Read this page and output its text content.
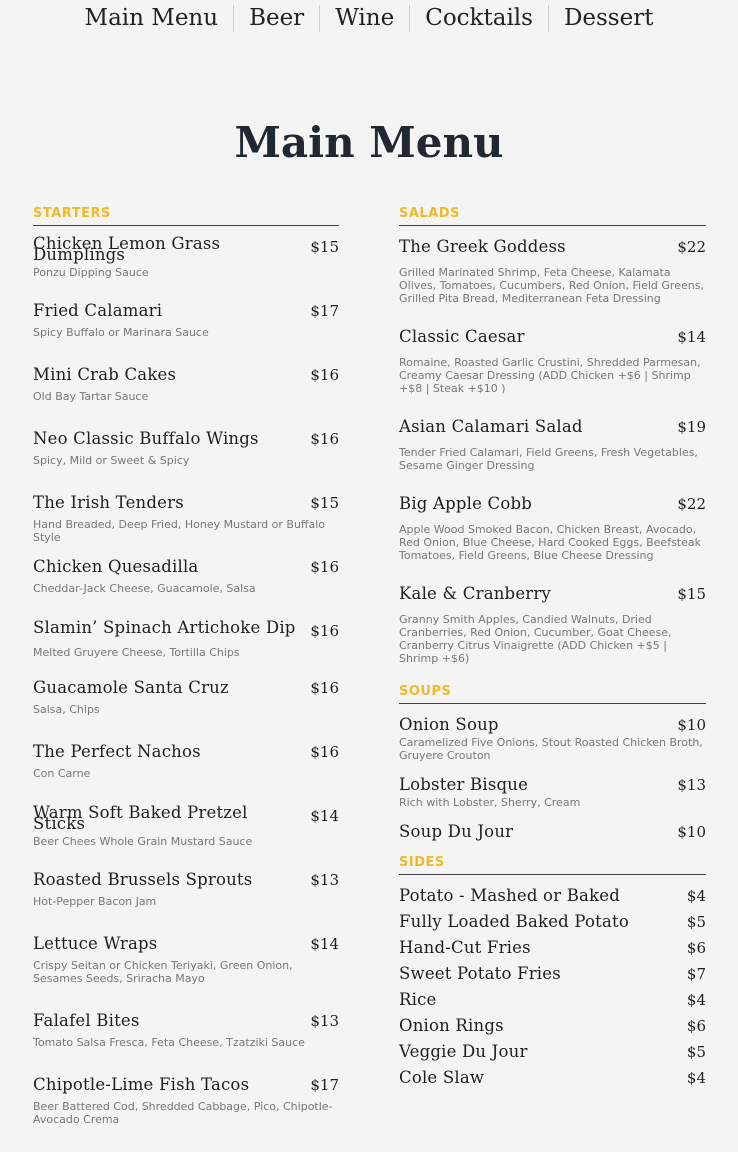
Main Menu	Beer	Wine	Cocktails	Dessert
Main Menu
STARTERS
Chicken Lemon Grass Dumplings	$15
Ponzu Dipping Sauce
Fried Calamari	$17
Spicy Buffalo or Marinara Sauce
Mini Crab Cakes	$16
Old Bay Tartar Sauce
Neo Classic Buffalo Wings	$16
Spicy, Mild or Sweet & Spicy
The Irish Tenders	$15
Hand Breaded, Deep Fried, Honey Mustard or Buffalo Style
Chicken Quesadilla	$16
Cheddar-Jack Cheese, Guacamole, Salsa
Slamin’ Spinach Artichoke Dip $16
Melted Gruyere Cheese, Tortilla Chips
Guacamole Santa Cruz	$16
Salsa, Chips
The Perfect Nachos	$16
Con Carne
Warm Soft Baked Pretzel Sticks	$14
Beer Chees Whole Grain Mustard Sauce
Roasted Brussels Sprouts	$13
Hot-Pepper Bacon Jam
Lettuce Wraps	$14
Crispy Seitan or Chicken Teriyaki, Green Onion, Sesames Seeds, Sriracha Mayo
Falafel Bites	$13
Tomato Salsa Fresca, Feta Cheese, Tzatziki Sauce
Chipotle-Lime Fish Tacos	$17
Beer Battered Cod, Shredded Cabbage, Pico, Chipotle-Avocado Crema
SALADS
The Greek Goddess	$22
Grilled Marinated Shrimp, Feta Cheese, Kalamata Olives, Tomatoes, Cucumbers, Red Onion, Field Greens, Grilled Pita Bread, Mediterranean Feta Dressing
Classic Caesar	$14
Romaine, Roasted Garlic Crustini, Shredded Parmesan, Creamy Caesar Dressing (ADD Chicken +$6 | Shrimp +$8 | Steak +$10 )
Asian Calamari Salad	$19
Tender Fried Calamari, Field Greens, Fresh Vegetables, Sesame Ginger Dressing
Big Apple Cobb	$22
Apple Wood Smoked Bacon, Chicken Breast, Avocado, Red Onion, Blue Cheese, Hard Cooked Eggs, Beefsteak Tomatoes, Field Greens, Blue Cheese Dressing
Kale & Cranberry	$15
Granny Smith Apples, Candied Walnuts, Dried Cranberries, Red Onion, Cucumber, Goat Cheese, Cranberry Citrus Vinaigrette (ADD Chicken +$5 | Shrimp +$6)
SOUPS
Onion Soup	$10
Caramelized Five Onions, Stout Roasted Chicken Broth, Gruyere Crouton
Lobster Bisque	$13
Rich with Lobster, Sherry, Cream
Soup Du Jour	$10
SIDES
Potato - Mashed or Baked	$4
Fully Loaded Baked Potato	$5
Hand-Cut Fries	$6
Sweet Potato Fries	$7
Rice	$4
Onion Rings	$6
Veggie Du Jour	$5
Cole Slaw	$4
